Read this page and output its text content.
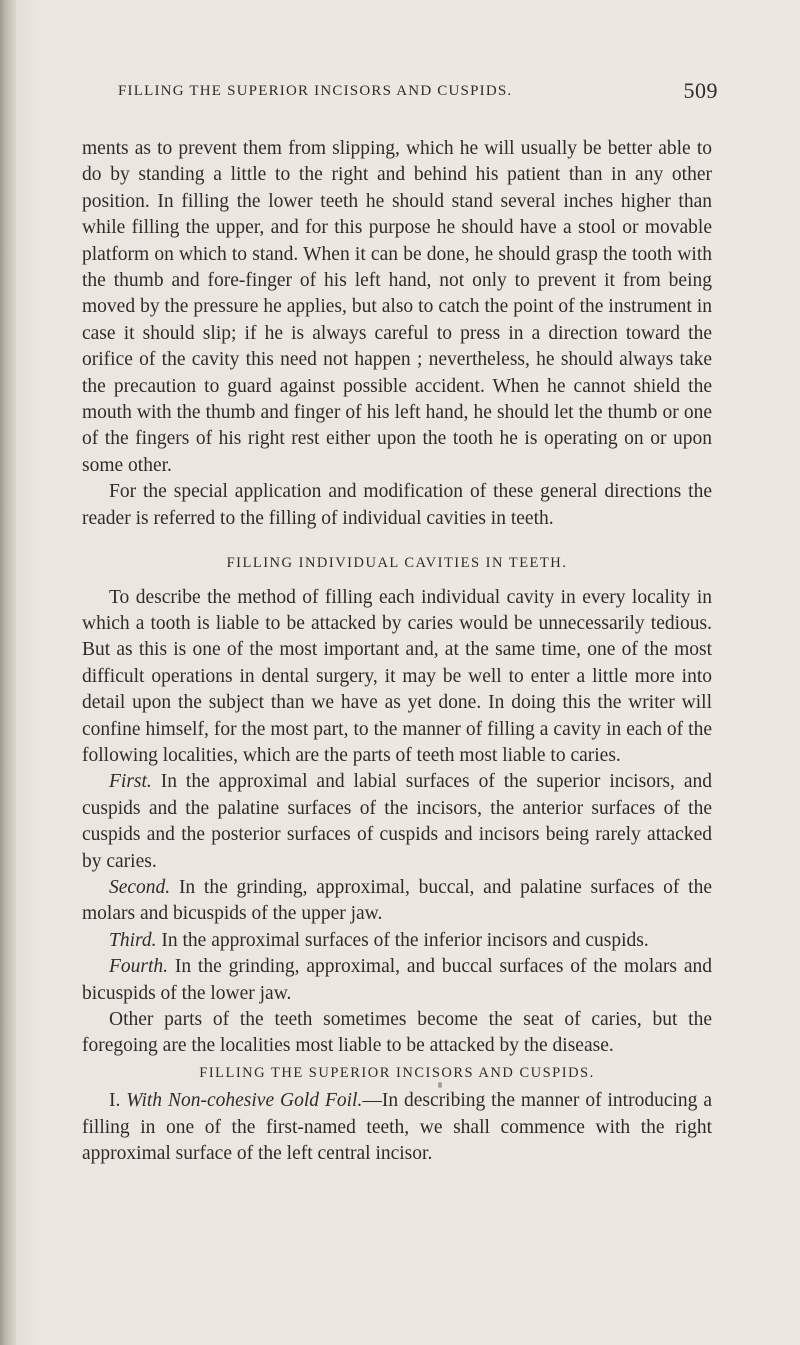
FILLING THE SUPERIOR INCISORS AND CUSPIDS.	509

ments as to prevent them from slipping, which he will usually be better able to do by standing a little to the right and behind his patient than in any other position. In filling the lower teeth he should stand several inches higher than while filling the upper, and for this purpose he should have a stool or movable platform on which to stand. When it can be done, he should grasp the tooth with the thumb and fore-finger of his left hand, not only to prevent it from being moved by the pressure he applies, but also to catch the point of the instrument in case it should slip; if he is always careful to press in a direction toward the orifice of the cavity this need not happen ; nevertheless, he should always take the precaution to guard against possible accident. When he cannot shield the mouth with the thumb and finger of his left hand, he should let the thumb or one of the fingers of his right rest either upon the tooth he is operating on or upon some other.

For the special application and modification of these general directions the reader is referred to the filling of individual cavities in teeth.

FILLING INDIVIDUAL CAVITIES IN TEETH.

To describe the method of filling each individual cavity in every locality in which a tooth is liable to be attacked by caries would be unnecessarily tedious. But as this is one of the most important and, at the same time, one of the most difficult operations in dental surgery, it may be well to enter a little more into detail upon the subject than we have as yet done. In doing this the writer will confine himself, for the most part, to the manner of filling a cavity in each of the following localities, which are the parts of teeth most liable to caries.

First. In the approximal and labial surfaces of the superior incisors, and cuspids and the palatine surfaces of the incisors, the anterior surfaces of the cuspids and the posterior surfaces of cuspids and incisors being rarely attacked by caries.

Second. In the grinding, approximal, buccal, and palatine surfaces of the molars and bicuspids of the upper jaw.

Third. In the approximal surfaces of the inferior incisors and cuspids.

Fourth. In the grinding, approximal, and buccal surfaces of the molars and bicuspids of the lower jaw.

Other parts of the teeth sometimes become the seat of caries, but the foregoing are the localities most liable to be attacked by the disease.

FILLING THE SUPERIOR INCISORS AND CUSPIDS.

I. With Non-cohesive Gold Foil.—In describing the manner of introducing a filling in one of the first-named teeth, we shall commence with the right approximal surface of the left central incisor.
